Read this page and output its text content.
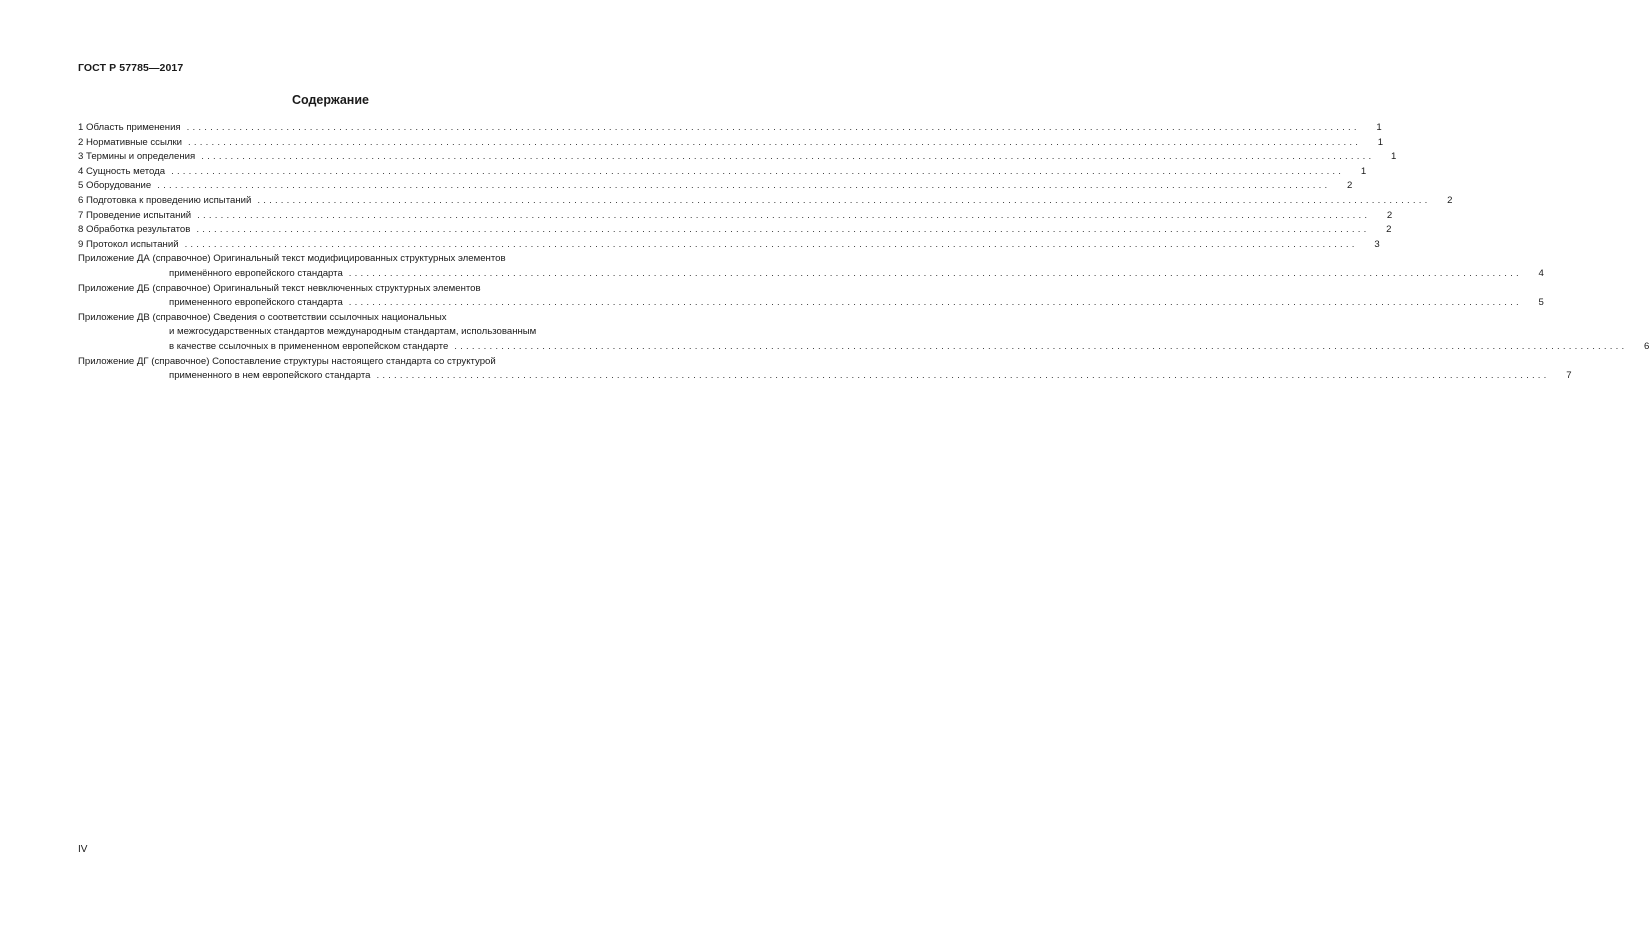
ГОСТ Р 57785—2017
Содержание
1 Область применения ........................................................................................................................................................................................................	1
2 Нормативные ссылки ........................................................................................................................................................................................................	1
3 Термины и определения ........................................................................................................................................................................................................	1
4 Сущность метода ........................................................................................................................................................................................................	1
5 Оборудование ........................................................................................................................................................................................................	2
6 Подготовка к проведению испытаний ........................................................................................................................................................................................................	2
7 Проведение испытаний ........................................................................................................................................................................................................	2
8 Обработка результатов ........................................................................................................................................................................................................	2
9 Протокол испытаний ........................................................................................................................................................................................................	3
Приложение ДА (справочное) Оригинальный текст модифицированных структурных элементов
применённого европейского стандарта ........................................................................................................................................................................................................	4
Приложение ДБ (справочное) Оригинальный текст невключенных структурных элементов
примененного европейского стандарта ........................................................................................................................................................................................................	5
Приложение ДВ (справочное) Сведения о соответствии ссылочных национальных
и межгосударственных стандартов международным стандартам, использованным
в качестве ссылочных в примененном европейском стандарте ........................................................................................................................................................................................................	6
Приложение ДГ (справочное) Сопоставление структуры настоящего стандарта со структурой
примененного в нем европейского стандарта ........................................................................................................................................................................................................	7
IV
